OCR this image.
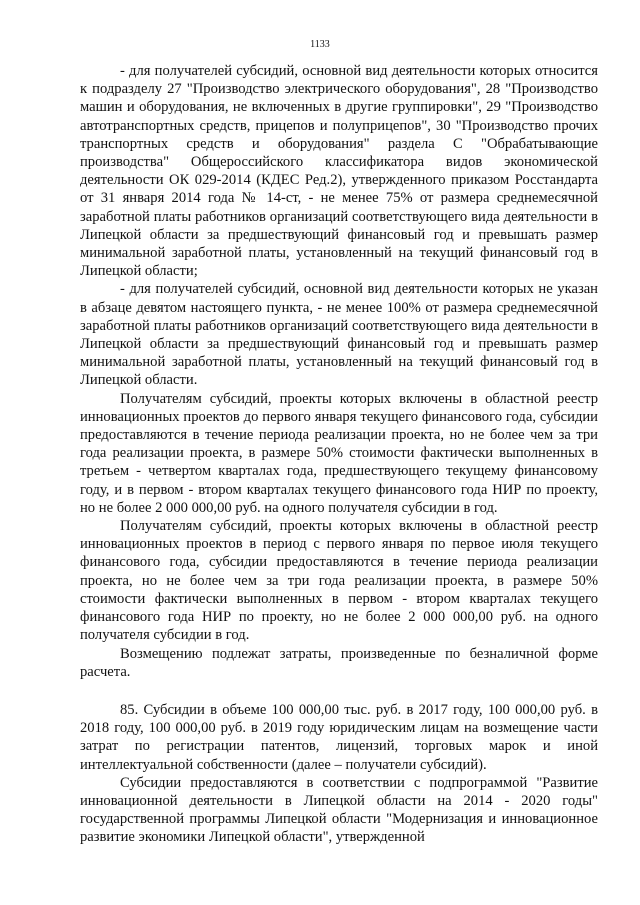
1133

- для получателей субсидий, основной вид деятельности которых относится к подразделу 27 "Производство электрического оборудования", 28 "Производство машин и оборудования, не включенных в другие группировки", 29 "Производство автотранспортных средств, прицепов и полуприцепов", 30 "Производство прочих транспортных средств и оборудования" раздела C "Обрабатывающие производства" Общероссийского классификатора видов экономической деятельности ОК 029-2014 (КДЕС Ред.2), утвержденного приказом Росстандарта от 31 января 2014 года № 14-ст, - не менее 75% от размера среднемесячной заработной платы работников организаций соответствующего вида деятельности в Липецкой области за предшествующий финансовый год и превышать размер минимальной заработной платы, установленный на текущий финансовый год в Липецкой области;

- для получателей субсидий, основной вид деятельности которых не указан в абзаце девятом настоящего пункта, - не менее 100% от размера среднемесячной заработной платы работников организаций соответствующего вида деятельности в Липецкой области за предшествующий финансовый год и превышать размер минимальной заработной платы, установленный на текущий финансовый год в Липецкой области.

Получателям субсидий, проекты которых включены в областной реестр инновационных проектов до первого января текущего финансового года, субсидии предоставляются в течение периода реализации проекта, но не более чем за три года реализации проекта, в размере 50% стоимости фактически выполненных в третьем - четвертом кварталах года, предшествующего текущему финансовому году, и в первом - втором кварталах текущего финансового года НИР по проекту, но не более 2 000 000,00 руб. на одного получателя субсидии в год.

Получателям субсидий, проекты которых включены в областной реестр инновационных проектов в период с первого января по первое июля текущего финансового года, субсидии предоставляются в течение периода реализации проекта, но не более чем за три года реализации проекта, в размере 50% стоимости фактически выполненных в первом - втором кварталах текущего финансового года НИР по проекту, но не более 2 000 000,00 руб. на одного получателя субсидии в год.

Возмещению подлежат затраты, произведенные по безналичной форме расчета.

85. Субсидии в объеме 100 000,00 тыс. руб. в 2017 году, 100 000,00 руб. в 2018 году, 100 000,00 руб. в 2019 году юридическим лицам на возмещение части затрат по регистрации патентов, лицензий, торговых марок и иной интеллектуальной собственности (далее – получатели субсидий).

Субсидии предоставляются в соответствии с подпрограммой "Развитие инновационной деятельности в Липецкой области на 2014 - 2020 годы" государственной программы Липецкой области "Модернизация и инновационное развитие экономики Липецкой области", утвержденной
